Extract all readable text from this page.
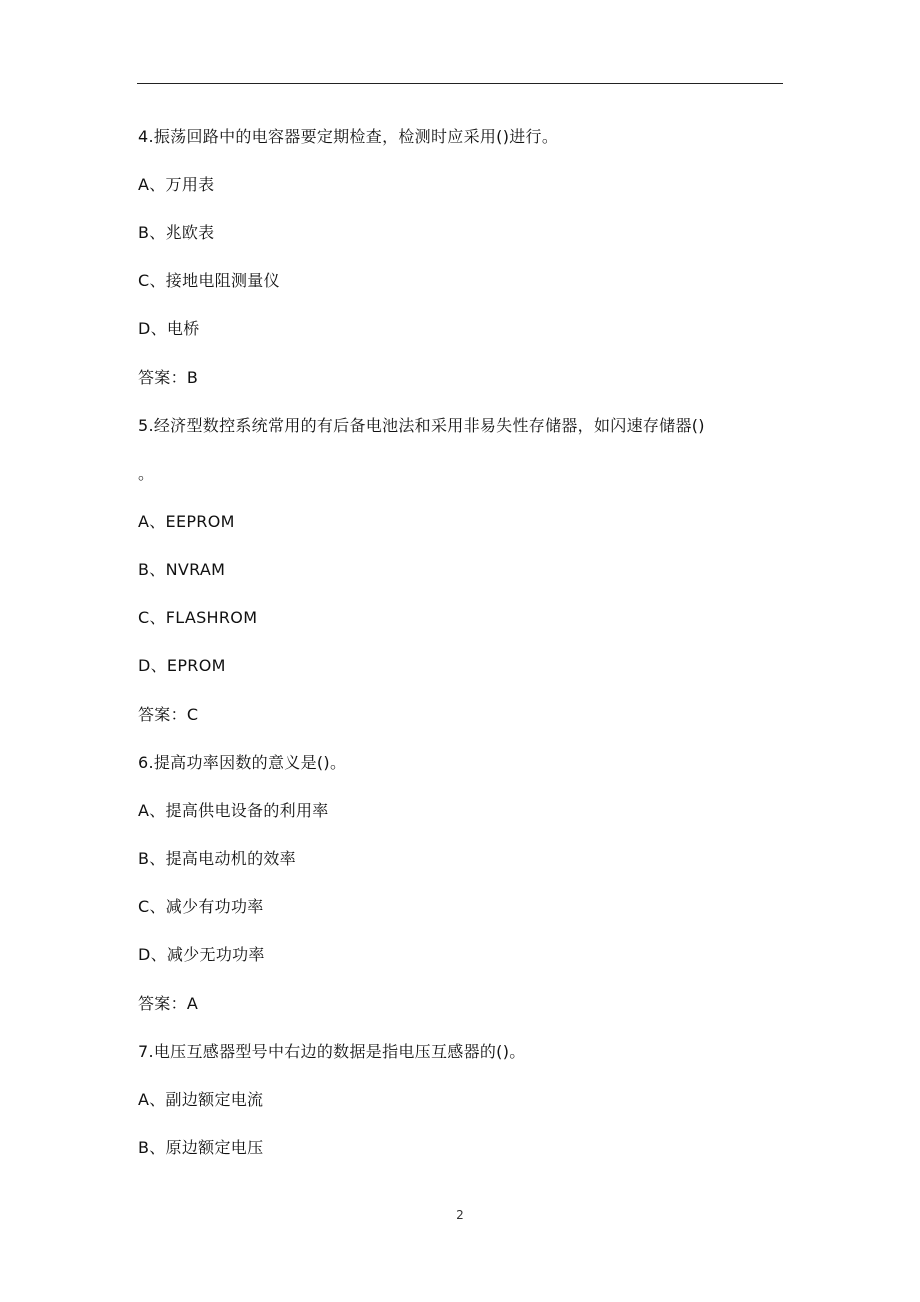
4.振荡回路中的电容器要定期检查，检测时应采用()进行。
A、万用表
B、兆欧表
C、接地电阻测量仪
D、电桥
答案：B
5.经济型数控系统常用的有后备电池法和采用非易失性存储器，如闪速存储器()
。
A、EEPROM
B、NVRAM
C、FLASHROM
D、EPROM
答案：C
6.提高功率因数的意义是()。
A、提高供电设备的利用率
B、提高电动机的效率
C、减少有功功率
D、减少无功功率
答案：A
7.电压互感器型号中右边的数据是指电压互感器的()。
A、副边额定电流
B、原边额定电压
2
